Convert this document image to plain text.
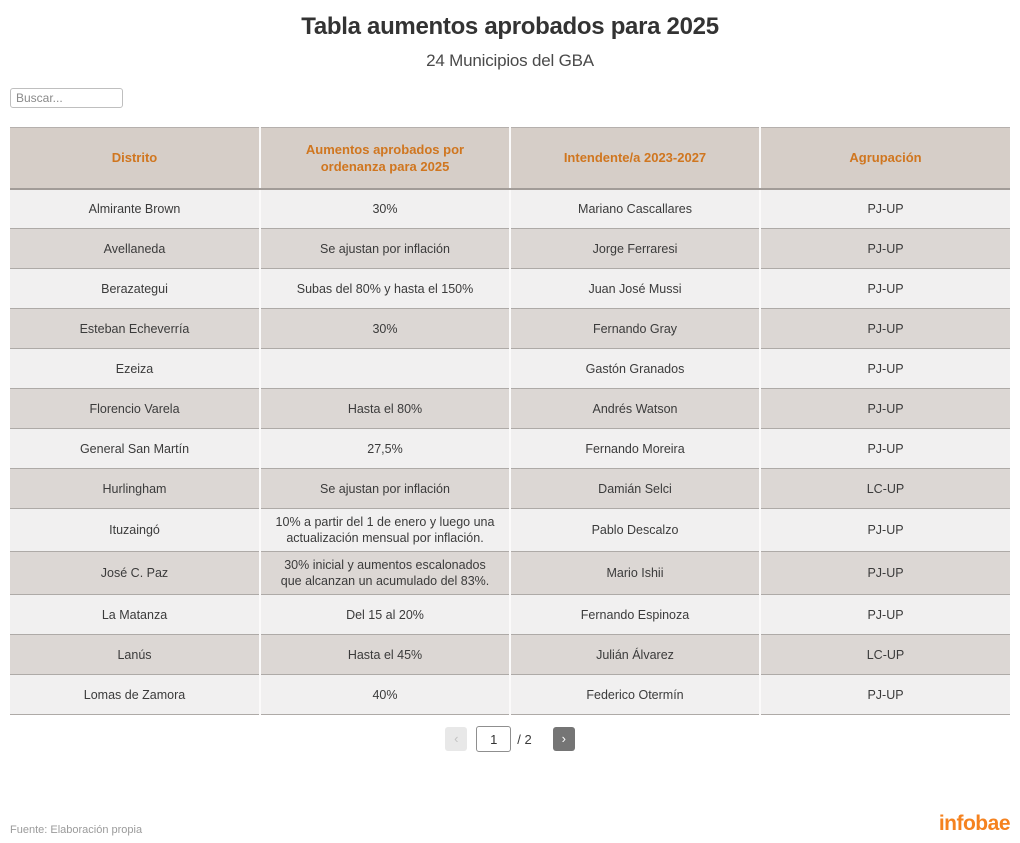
Tabla aumentos aprobados para 2025
24 Municipios del GBA
Buscar...
Distrito	Aumentos aprobados por ordenanza para 2025	Intendente/a 2023-2027	Agrupación
Almirante Brown	30%	Mariano Cascallares	PJ-UP
Avellaneda	Se ajustan por inflación	Jorge Ferraresi	PJ-UP
Berazategui	Subas del 80% y hasta el 150%	Juan José Mussi	PJ-UP
Esteban Echeverría	30%	Fernando Gray	PJ-UP
Ezeiza		Gastón Granados	PJ-UP
Florencio Varela	Hasta el 80%	Andrés Watson	PJ-UP
General San Martín	27,5%	Fernando Moreira	PJ-UP
Hurlingham	Se ajustan por inflación	Damián Selci	LC-UP
Ituzaingó	10% a partir del 1 de enero y luego una actualización mensual por inflación.	Pablo Descalzo	PJ-UP
José C. Paz	30% inicial y aumentos escalonados que alcanzan un acumulado del 83%.	Mario Ishii	PJ-UP
La Matanza	Del 15 al 20%	Fernando Espinoza	PJ-UP
Lanús	Hasta el 45%	Julián Álvarez	LC-UP
Lomas de Zamora	40%	Federico Otermín	PJ-UP
‹
1	/ 2	›
Fuente: Elaboración propia	infobae
